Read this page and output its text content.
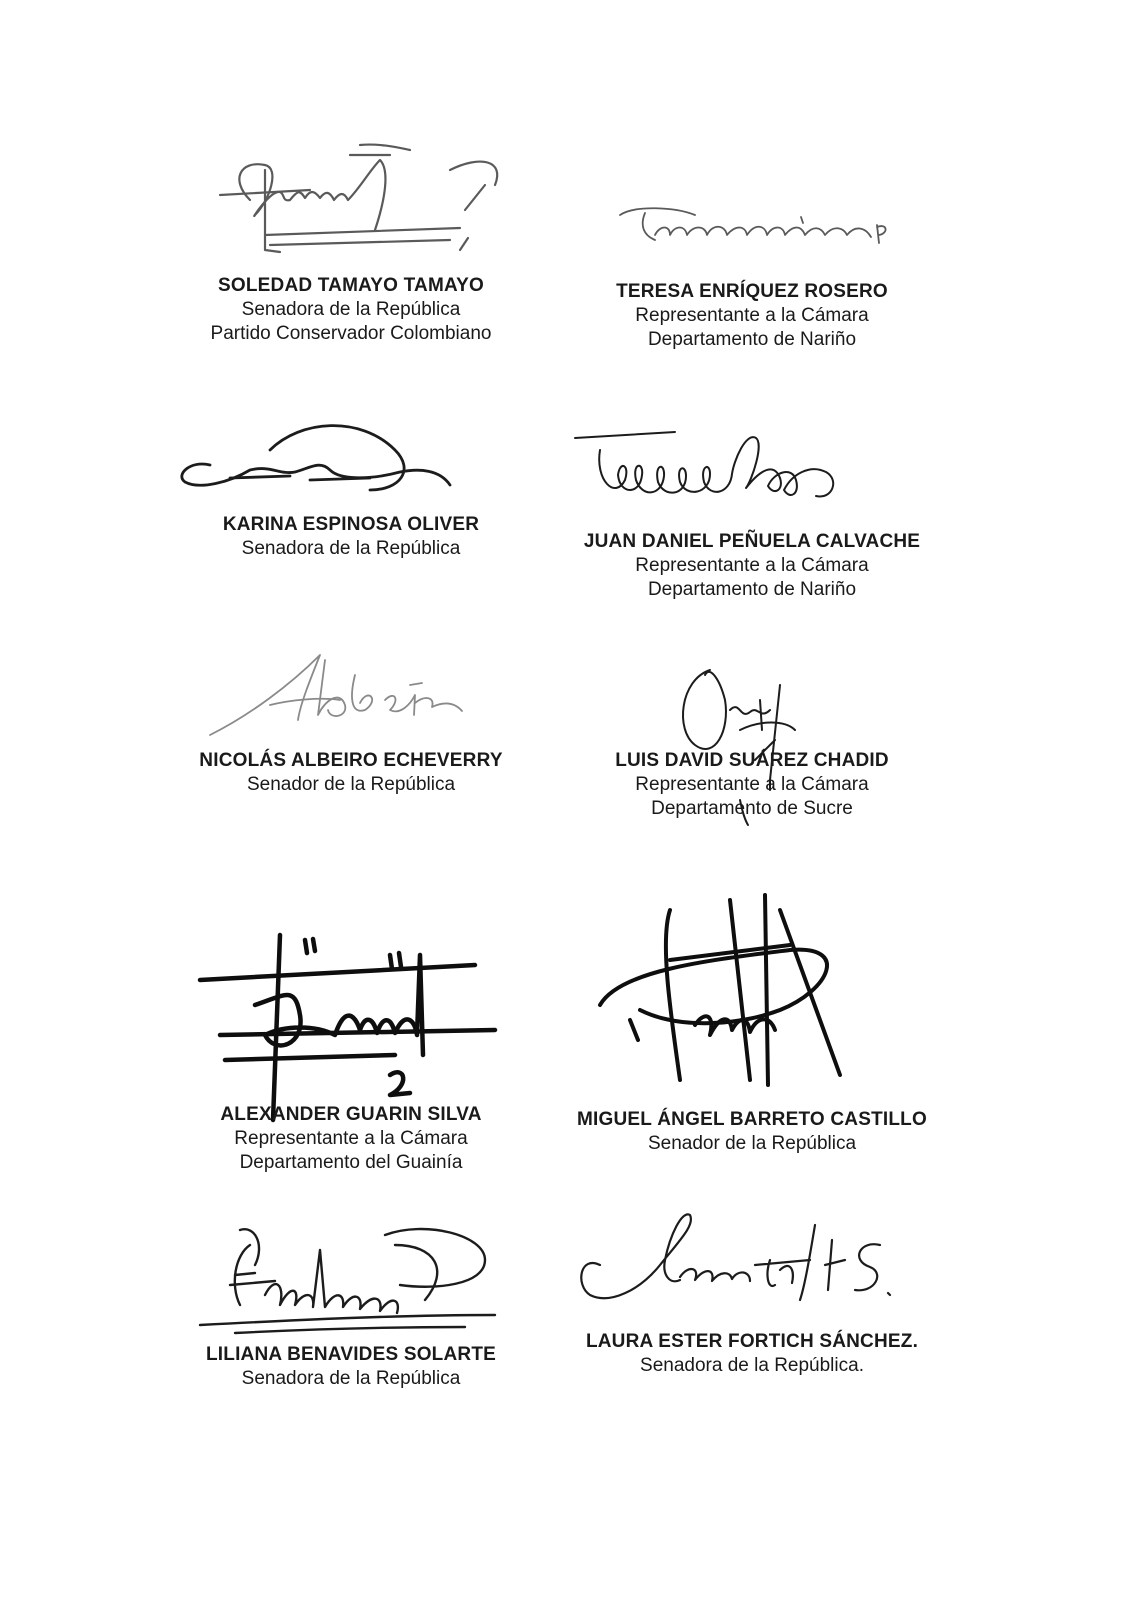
SOLEDAD TAMAYO TAMAYO
Senadora de la República
Partido Conservador Colombiano
TERESA ENRÍQUEZ ROSERO
Representante a la Cámara
Departamento de Nariño
KARINA ESPINOSA OLIVER
Senadora de la República	JUAN DANIEL PEÑUELA CALVACHE
Representante a la Cámara
Departamento de Nariño
NICOLÁS ALBEIRO ECHEVERRY
Senador de la República
LUIS DAVID SUÁREZ CHADID
Representante a la Cámara
Departamento de Sucre
ALEXANDER GUARIN SILVA
Representante a la Cámara
Departamento del Guainía
MIGUEL ÁNGEL BARRETO CASTILLO
Senador de la República
LILIANA BENAVIDES SOLARTE
Senadora de la República
LAURA ESTER FORTICH SÁNCHEZ.
Senadora de la República.
